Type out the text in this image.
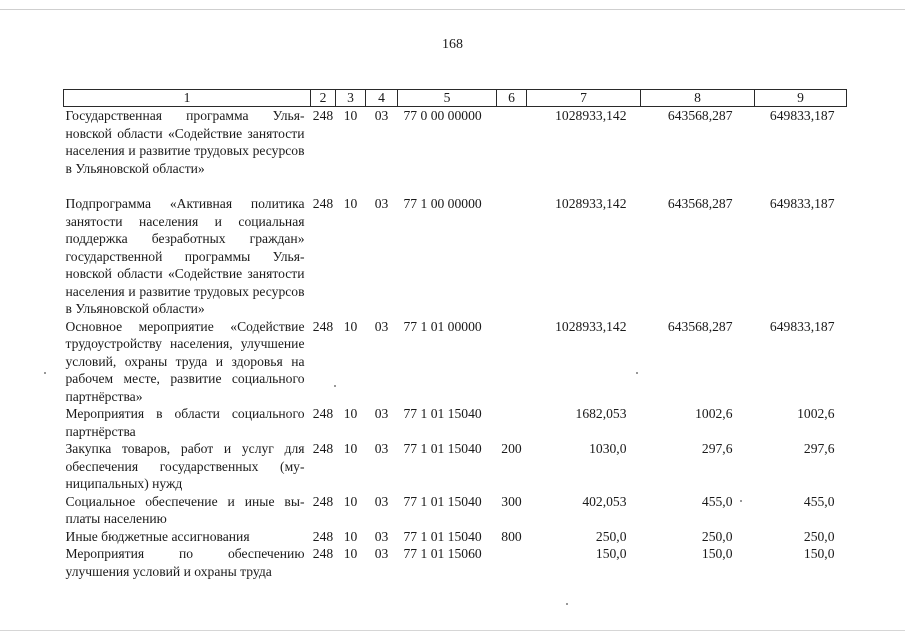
168
1	2	3	4	5	6	7	8	9
Государственная программа Ульяновской области «Содействие занятости населения и развитие трудовых ресурсов в Ульяновской области»	248	10	03	77 0 00 00000		1028933,142	643568,287	649833,187
Подпрограмма «Активная политика занятости населения и социальная поддержка безработных граждан» государственной программы Ульяновской области «Содействие занятости населения и развитие трудовых ресурсов в Ульяновской области»	248	10	03	77 1 00 00000		1028933,142	643568,287	649833,187
Основное мероприятие «Содействие трудоустройству населения, улучшение условий, охраны труда и здоровья на рабочем месте, развитие социального партнёрства»	248	10	03	77 1 01 00000		1028933,142	643568,287	649833,187
Мероприятия в области социального партнёрства	248	10	03	77 1 01 15040		1682,053	1002,6	1002,6
Закупка товаров, работ и услуг для обеспечения государственных (муниципальных) нужд	248	10	03	77 1 01 15040	200	1030,0	297,6	297,6
Социальное обеспечение и иные выплаты населению	248	10	03	77 1 01 15040	300	402,053	455,0	455,0
Иные бюджетные ассигнования	248	10	03	77 1 01 15040	800	250,0	250,0	250,0
Мероприятия по обеспечению улучшения условий и охраны труда	248	10	03	77 1 01 15060		150,0	150,0	150,0
